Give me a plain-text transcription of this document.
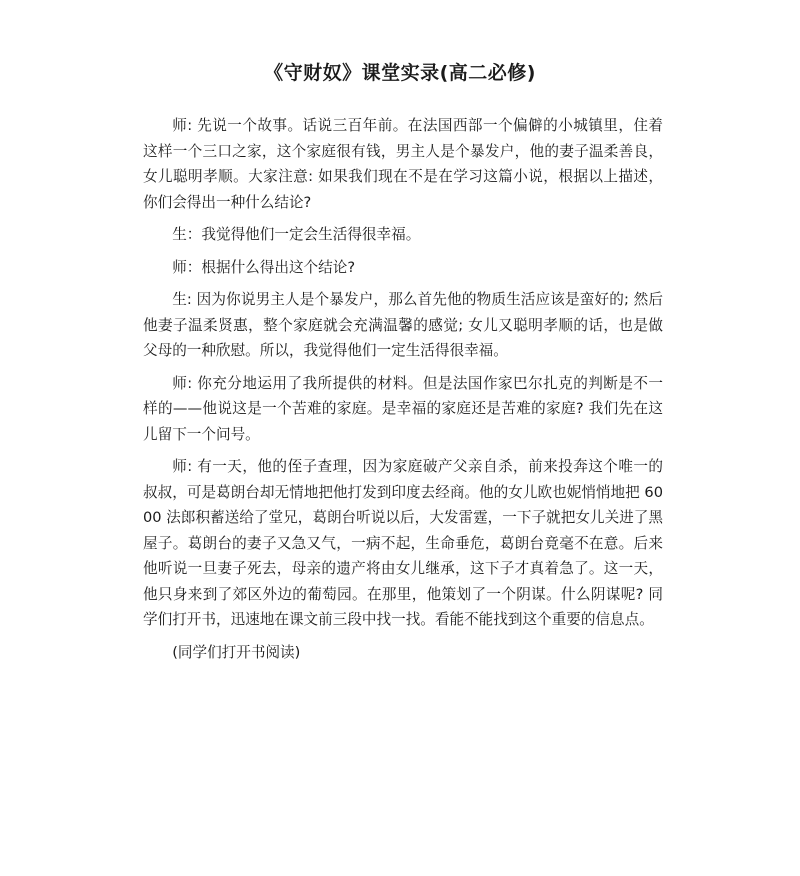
《守财奴》课堂实录(高二必修)

师: 先说一个故事。话说三百年前。在法国西部一个偏僻的小城镇里，住着这样一个三口之家，这个家庭很有钱，男主人是个暴发户，他的妻子温柔善良，女儿聪明孝顺。大家注意: 如果我们现在不是在学习这篇小说，根据以上描述，你们会得出一种什么结论?

生：我觉得他们一定会生活得很幸福。

师：根据什么得出这个结论?

生: 因为你说男主人是个暴发户，那么首先他的物质生活应该是蛮好的; 然后他妻子温柔贤惠，整个家庭就会充满温馨的感觉; 女儿又聪明孝顺的话，也是做父母的一种欣慰。所以，我觉得他们一定生活得很幸福。

师: 你充分地运用了我所提供的材料。但是法国作家巴尔扎克的判断是不一样的——他说这是一个苦难的家庭。是幸福的家庭还是苦难的家庭? 我们先在这儿留下一个问号。

师: 有一天，他的侄子查理，因为家庭破产父亲自杀，前来投奔这个唯一的叔叔，可是葛朗台却无情地把他打发到印度去经商。他的女儿欧也妮悄悄地把 6000 法郎积蓄送给了堂兄，葛朗台听说以后，大发雷霆，一下子就把女儿关进了黑屋子。葛朗台的妻子又急又气，一病不起，生命垂危，葛朗台竟毫不在意。后来他听说一旦妻子死去，母亲的遗产将由女儿继承，这下子才真着急了。这一天，他只身来到了郊区外边的葡萄园。在那里，他策划了一个阴谋。什么阴谋呢? 同学们打开书，迅速地在课文前三段中找一找。看能不能找到这个重要的信息点。

(同学们打开书阅读)
